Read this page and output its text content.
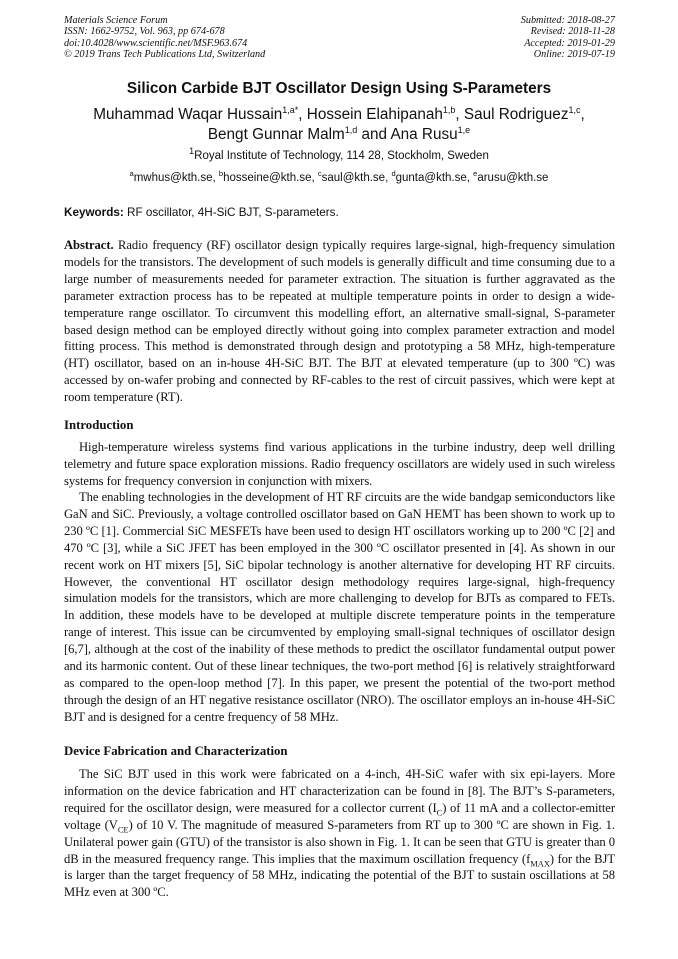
Materials Science Forum
ISSN: 1662-9752, Vol. 963, pp 674-678
doi:10.4028/www.scientific.net/MSF.963.674
© 2019 Trans Tech Publications Ltd, Switzerland
Submitted: 2018-08-27
Revised: 2018-11-28
Accepted: 2019-01-29
Online: 2019-07-19
Silicon Carbide BJT Oscillator Design Using S-Parameters
Muhammad Waqar Hussain$^{1,a*}$, Hossein Elahipanah$^{1,b}$, Saul Rodriguez$^{1,c}$,
Bengt Gunnar Malm$^{1,d}$ and Ana Rusu$^{1,e}$
$^1$Royal Institute of Technology, 114 28, Stockholm, Sweden
$^a$mwhus@kth.se, $^b$hosseine@kth.se, $^c$saul@kth.se, $^d$gunta@kth.se, $^e$arusu@kth.se
Keywords: RF oscillator, 4H-SiC BJT, S-parameters.
Abstract. Radio frequency (RF) oscillator design typically requires large-signal, high-frequency simulation models for the transistors. The development of such models is generally difficult and time consuming due to a large number of measurements needed for parameter extraction. The situation is further aggravated as the parameter extraction process has to be repeated at multiple temperature points in order to design a wide-temperature range oscillator. To circumvent this modelling effort, an alternative small-signal, S-parameter based design method can be employed directly without going into complex parameter extraction and model fitting process. This method is demonstrated through design and prototyping a 58 MHz, high-temperature (HT) oscillator, based on an in-house 4H-SiC BJT. The BJT at elevated temperature (up to 300 ºC) was accessed by on-wafer probing and connected by RF-cables to the rest of circuit passives, which were kept at room temperature (RT).
Introduction
High-temperature wireless systems find various applications in the turbine industry, deep well drilling telemetry and future space exploration missions. Radio frequency oscillators are widely used in such wireless systems for frequency conversion in conjunction with mixers.
The enabling technologies in the development of HT RF circuits are the wide bandgap semiconductors like GaN and SiC. Previously, a voltage controlled oscillator based on GaN HEMT has been shown to work up to 230 ºC [1]. Commercial SiC MESFETs have been used to design HT oscillators working up to 200 ºC [2] and 470 ºC [3], while a SiC JFET has been employed in the 300 ºC oscillator presented in [4]. As shown in our recent work on HT mixers [5], SiC bipolar technology is another alternative for developing HT RF circuits. However, the conventional HT oscillator design methodology requires large-signal, high-frequency simulation models for the transistors, which are more challenging to develop for BJTs as compared to FETs. In addition, these models have to be developed at multiple discrete temperature points in the temperature range of interest. This issue can be circumvented by employing small-signal techniques of oscillator design [6,7], although at the cost of the inability of these methods to predict the oscillator fundamental output power and its harmonic content. Out of these linear techniques, the two-port method [6] is relatively straightforward as compared to the open-loop method [7]. In this paper, we present the potential of the two-port method through the design of an HT negative resistance oscillator (NRO). The oscillator employs an in-house 4H-SiC BJT and is designed for a centre frequency of 58 MHz.
Device Fabrication and Characterization
The SiC BJT used in this work were fabricated on a 4-inch, 4H-SiC wafer with six epi-layers. More information on the device fabrication and HT characterization can be found in [8]. The BJT’s S-parameters, required for the oscillator design, were measured for a collector current $(I_C)$ of 11 mA and a collector-emitter voltage $(V_{CE})$ of 10 V. The magnitude of measured S-parameters from RT up to 300 ºC are shown in Fig. 1. Unilateral power gain (GTU) of the transistor is also shown in Fig. 1. It can be seen that GTU is greater than 0 dB in the measured frequency range. This implies that the maximum oscillation frequency $(f_{MAX})$ for the BJT is larger than the target frequency of 58 MHz, indicating the potential of the BJT to sustain oscillations at 58 MHz even at 300 ºC.
